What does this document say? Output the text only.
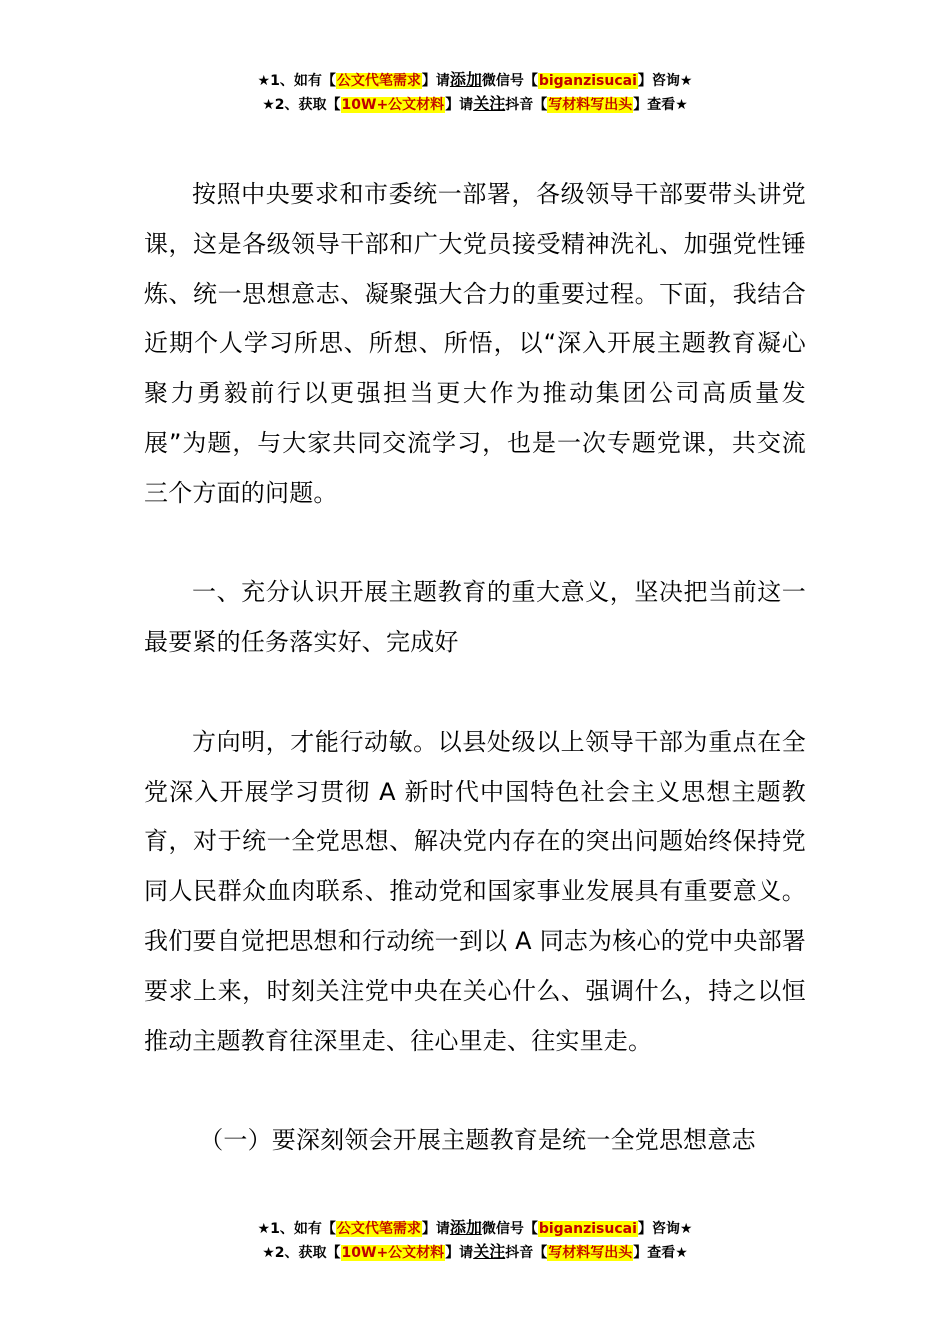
★1、如有【公文代笔需求】请添加微信号【biganzisucai】咨询★
★2、获取【10W+公文材料】请关注抖音【写材料写出头】查看★

按照中央要求和市委统一部署，各级领导干部要带头讲党课，这是各级领导干部和广大党员接受精神洗礼、加强党性锤炼、统一思想意志、凝聚强大合力的重要过程。下面，我结合近期个人学习所思、所想、所悟，以“深入开展主题教育凝心聚力勇毅前行以更强担当更大作为推动集团公司高质量发展”为题，与大家共同交流学习，也是一次专题党课，共交流三个方面的问题。

一、充分认识开展主题教育的重大意义，坚决把当前这一最要紧的任务落实好、完成好

方向明，才能行动敏。以县处级以上领导干部为重点在全党深入开展学习贯彻 A 新时代中国特色社会主义思想主题教育，对于统一全党思想、解决党内存在的突出问题始终保持党同人民群众血肉联系、推动党和国家事业发展具有重要意义。我们要自觉把思想和行动统一到以 A 同志为核心的党中央部署要求上来，时刻关注党中央在关心什么、强调什么，持之以恒推动主题教育往深里走、往心里走、往实里走。

（一）要深刻领会开展主题教育是统一全党思想意志

★1、如有【公文代笔需求】请添加微信号【biganzisucai】咨询★
★2、获取【10W+公文材料】请关注抖音【写材料写出头】查看★
